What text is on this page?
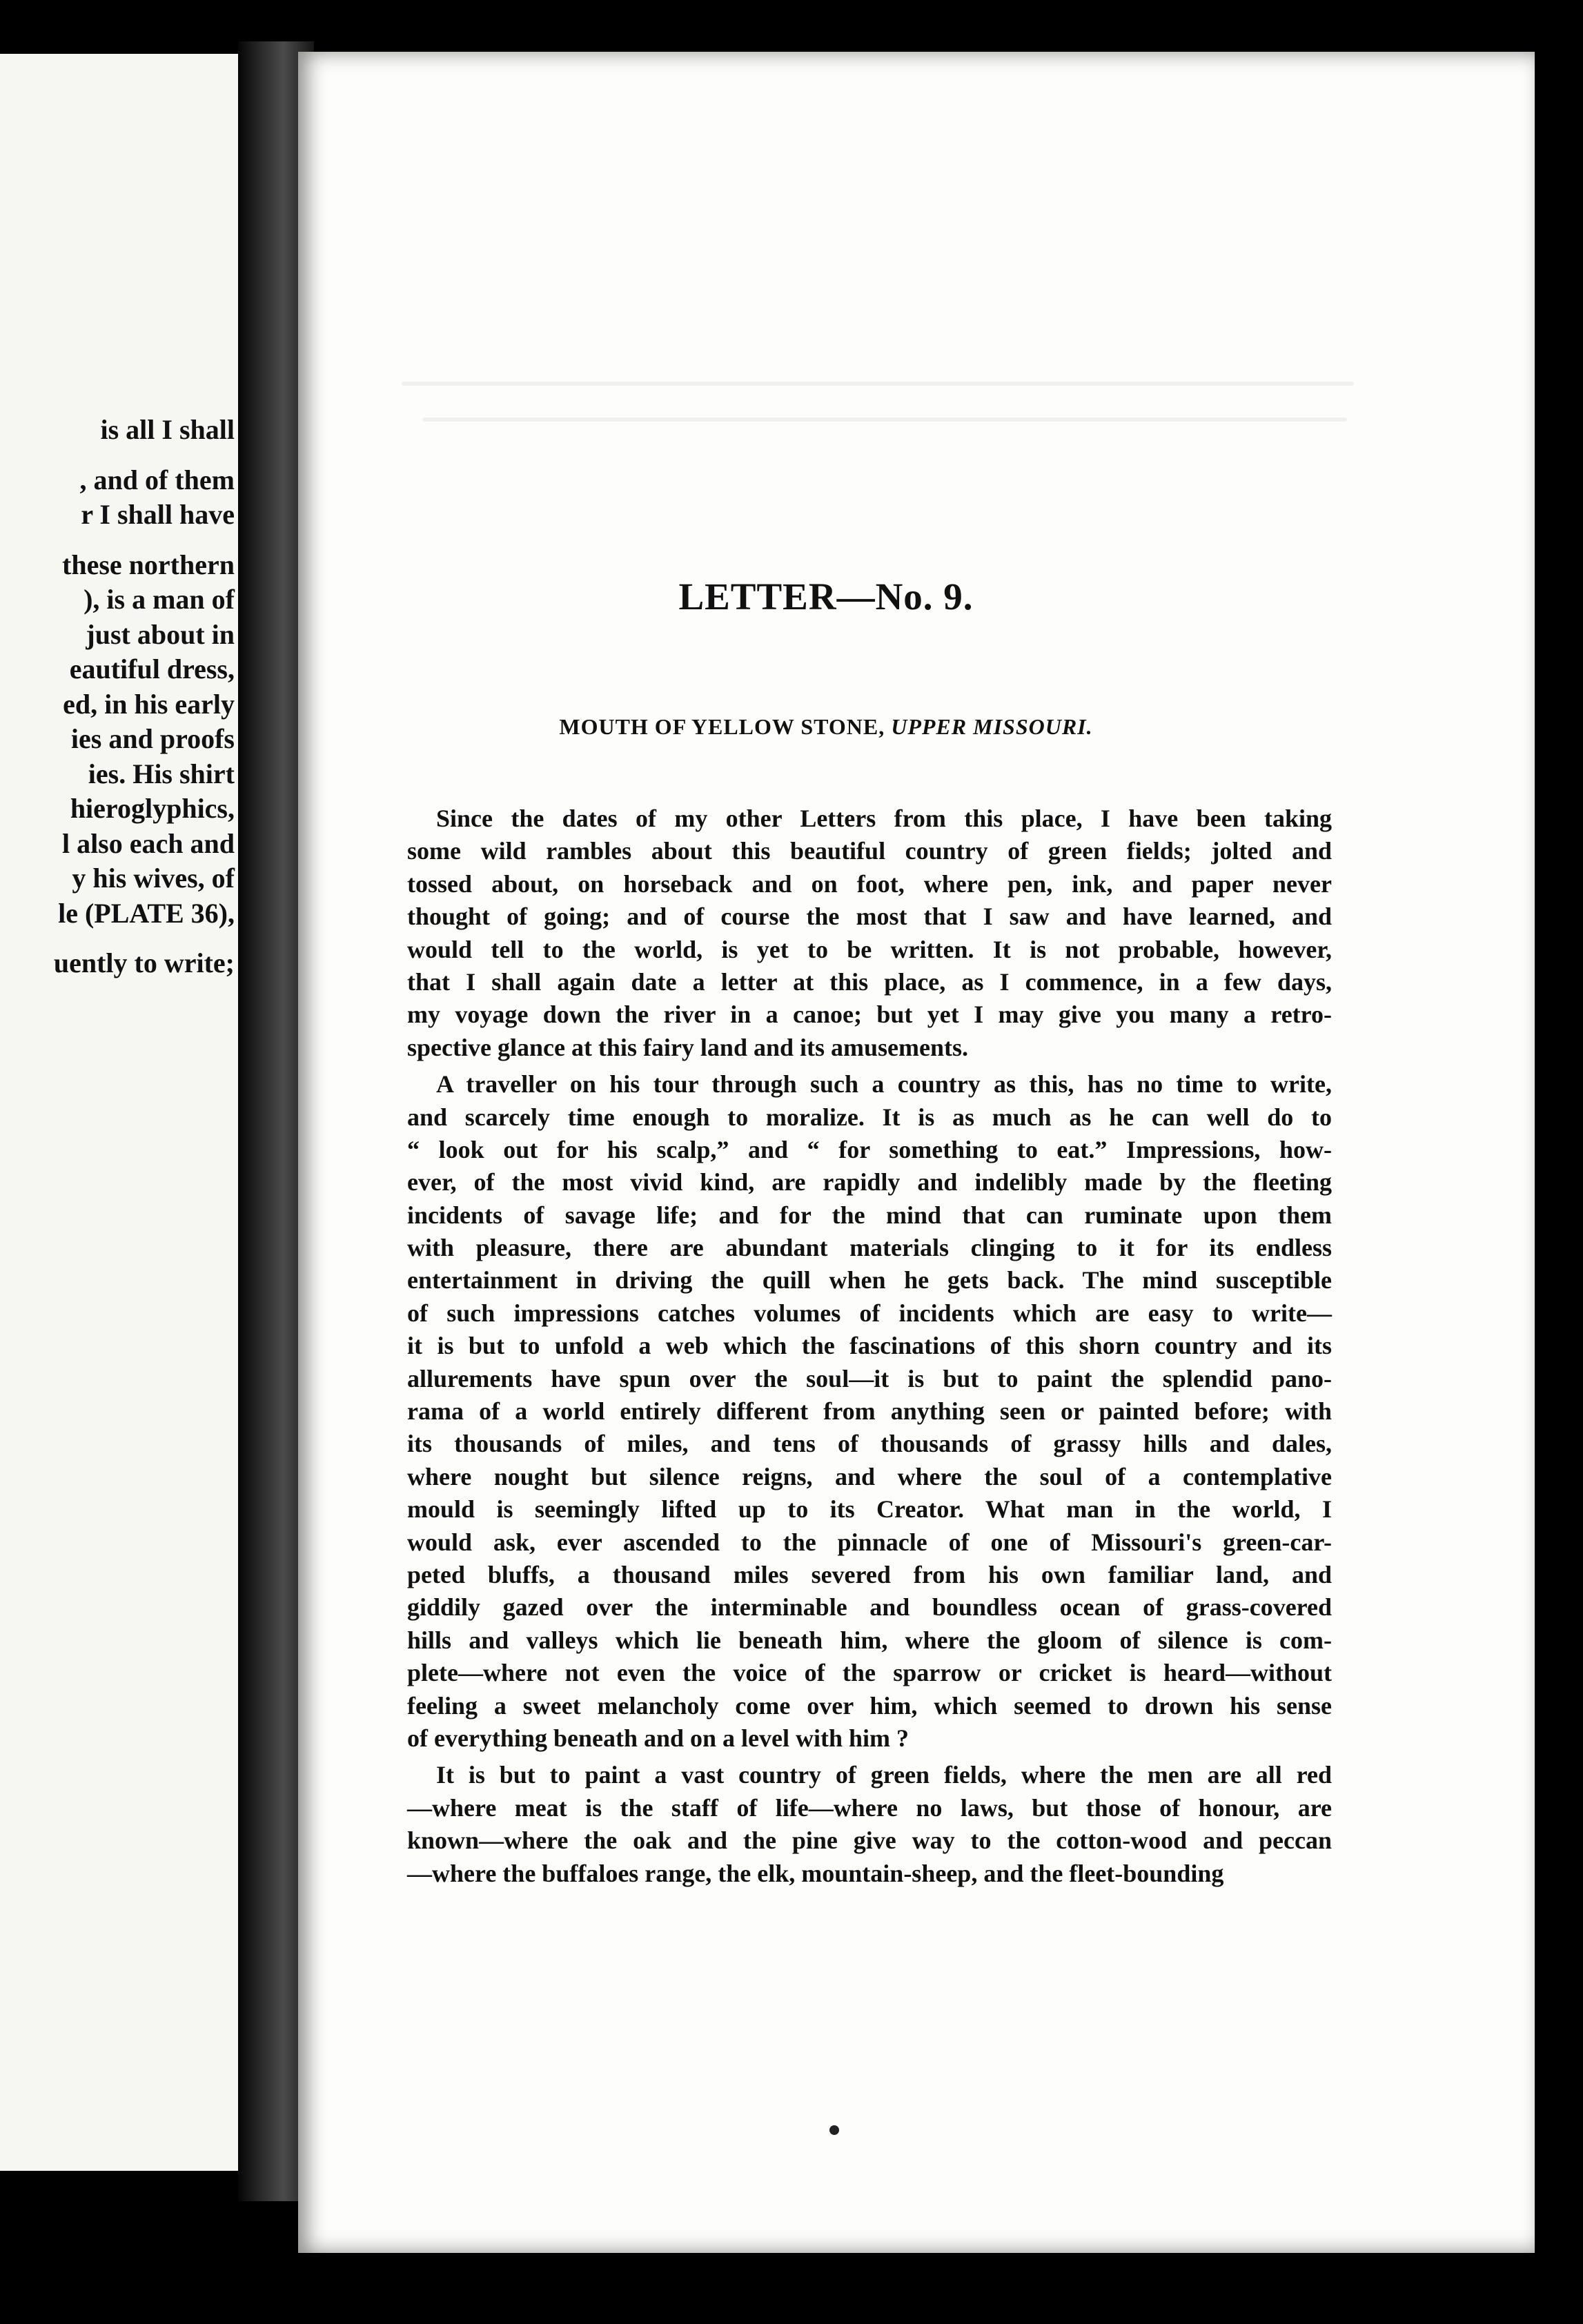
is all I shall
, and of them
r I shall have
these northern
), is a man of
just about in
eautiful dress,
ed, in his early
ies and proofs
ies. His shirt
hieroglyphics,
l also each and
y his wives, of
le (PLATE 36),
uently to write;
LETTER—No. 9.
MOUTH OF YELLOW STONE, UPPER MISSOURI.
Since the dates of my other Letters from this place, I have been taking
some wild rambles about this beautiful country of green fields; jolted and
tossed about, on horseback and on foot, where pen, ink, and paper never
thought of going; and of course the most that I saw and have learned, and
would tell to the world, is yet to be written. It is not probable, however,
that I shall again date a letter at this place, as I commence, in a few days,
my voyage down the river in a canoe; but yet I may give you many a retro-
spective glance at this fairy land and its amusements.
A traveller on his tour through such a country as this, has no time to write,
and scarcely time enough to moralize. It is as much as he can well do to
“ look out for his scalp,” and “ for something to eat.” Impressions, how-
ever, of the most vivid kind, are rapidly and indelibly made by the fleeting
incidents of savage life; and for the mind that can ruminate upon them
with pleasure, there are abundant materials clinging to it for its endless
entertainment in driving the quill when he gets back. The mind susceptible
of such impressions catches volumes of incidents which are easy to write—
it is but to unfold a web which the fascinations of this shorn country and its
allurements have spun over the soul—it is but to paint the splendid pano-
rama of a world entirely different from anything seen or painted before; with
its thousands of miles, and tens of thousands of grassy hills and dales,
where nought but silence reigns, and where the soul of a contemplative
mould is seemingly lifted up to its Creator. What man in the world, I
would ask, ever ascended to the pinnacle of one of Missouri's green-car-
peted bluffs, a thousand miles severed from his own familiar land, and
giddily gazed over the interminable and boundless ocean of grass-covered
hills and valleys which lie beneath him, where the gloom of silence is com-
plete—where not even the voice of the sparrow or cricket is heard—without
feeling a sweet melancholy come over him, which seemed to drown his sense
of everything beneath and on a level with him ?
It is but to paint a vast country of green fields, where the men are all red
—where meat is the staff of life—where no laws, but those of honour, are
known—where the oak and the pine give way to the cotton-wood and peccan
—where the buffaloes range, the elk, mountain-sheep, and the fleet-bounding
